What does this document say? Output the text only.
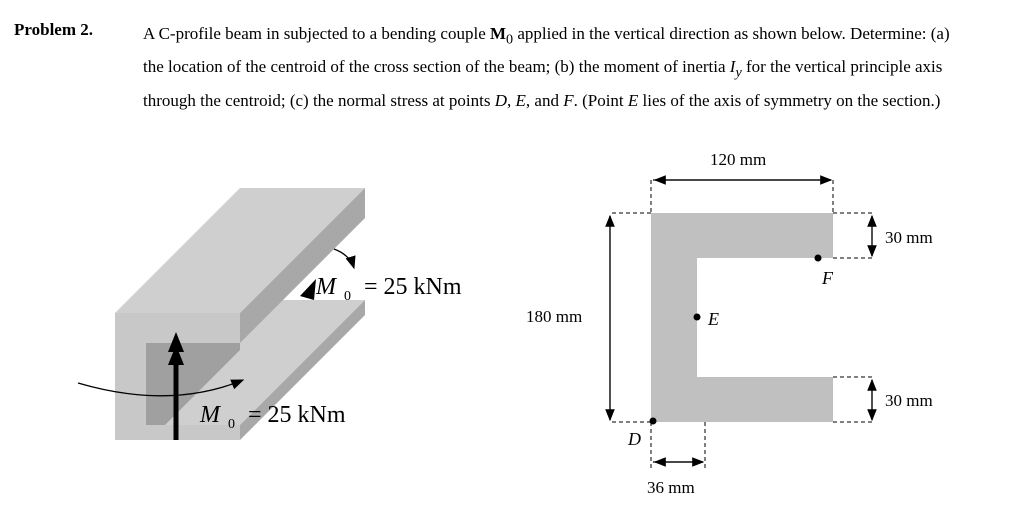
Problem 2.	A C-profile beam in subjected to a bending couple $M_0$ applied in the vertical direction as shown below. Determine: (a) the location of the centroid of the cross section of the beam; (b) the moment of inertia $I_y$ for the vertical principle axis through the centroid; (c) the normal stress at points D, E, and F. (Point E lies of the axis of symmetry on the section.)
M 0 = 25 kNm
M 0 = 25 kNm
120 mm
180 mm
30 mm
30 mm
36 mm
D
E
F
